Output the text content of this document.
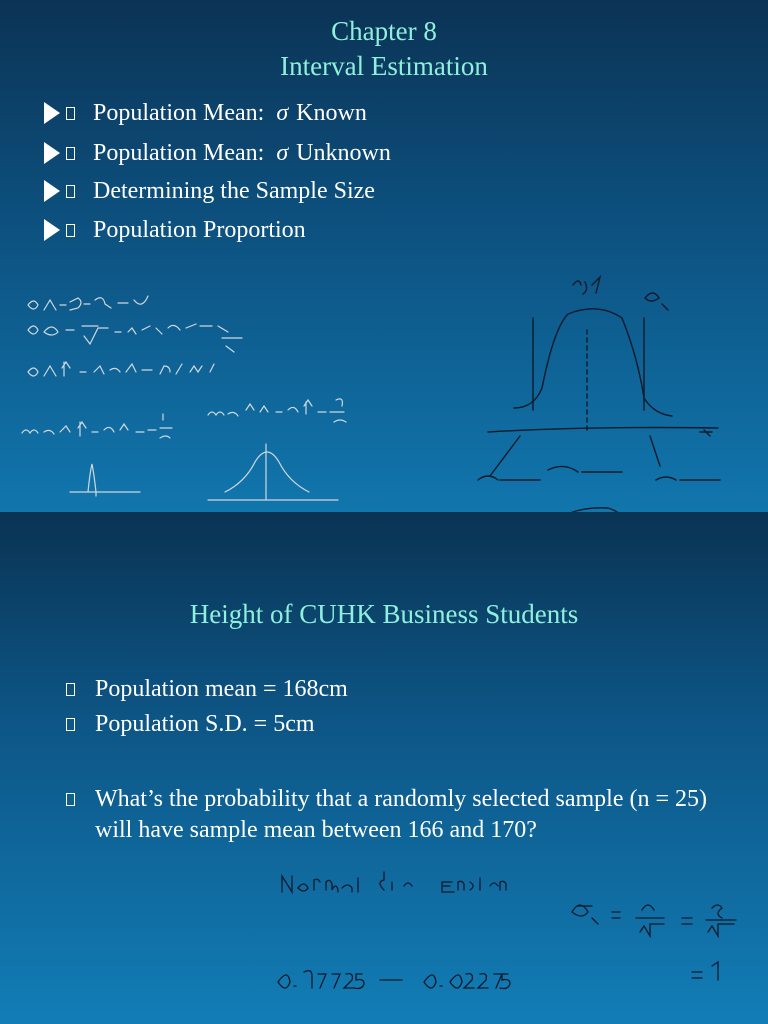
Chapter 8
Interval Estimation
Population Mean: σ Known
Population Mean: σ Unknown
Determining the Sample Size
Population Proportion
Height of CUHK Business Students
Population mean = 168cm
Population S.D. = 5cm
What’s the probability that a randomly selected sample (n = 25) will have sample mean between 166 and 170?
